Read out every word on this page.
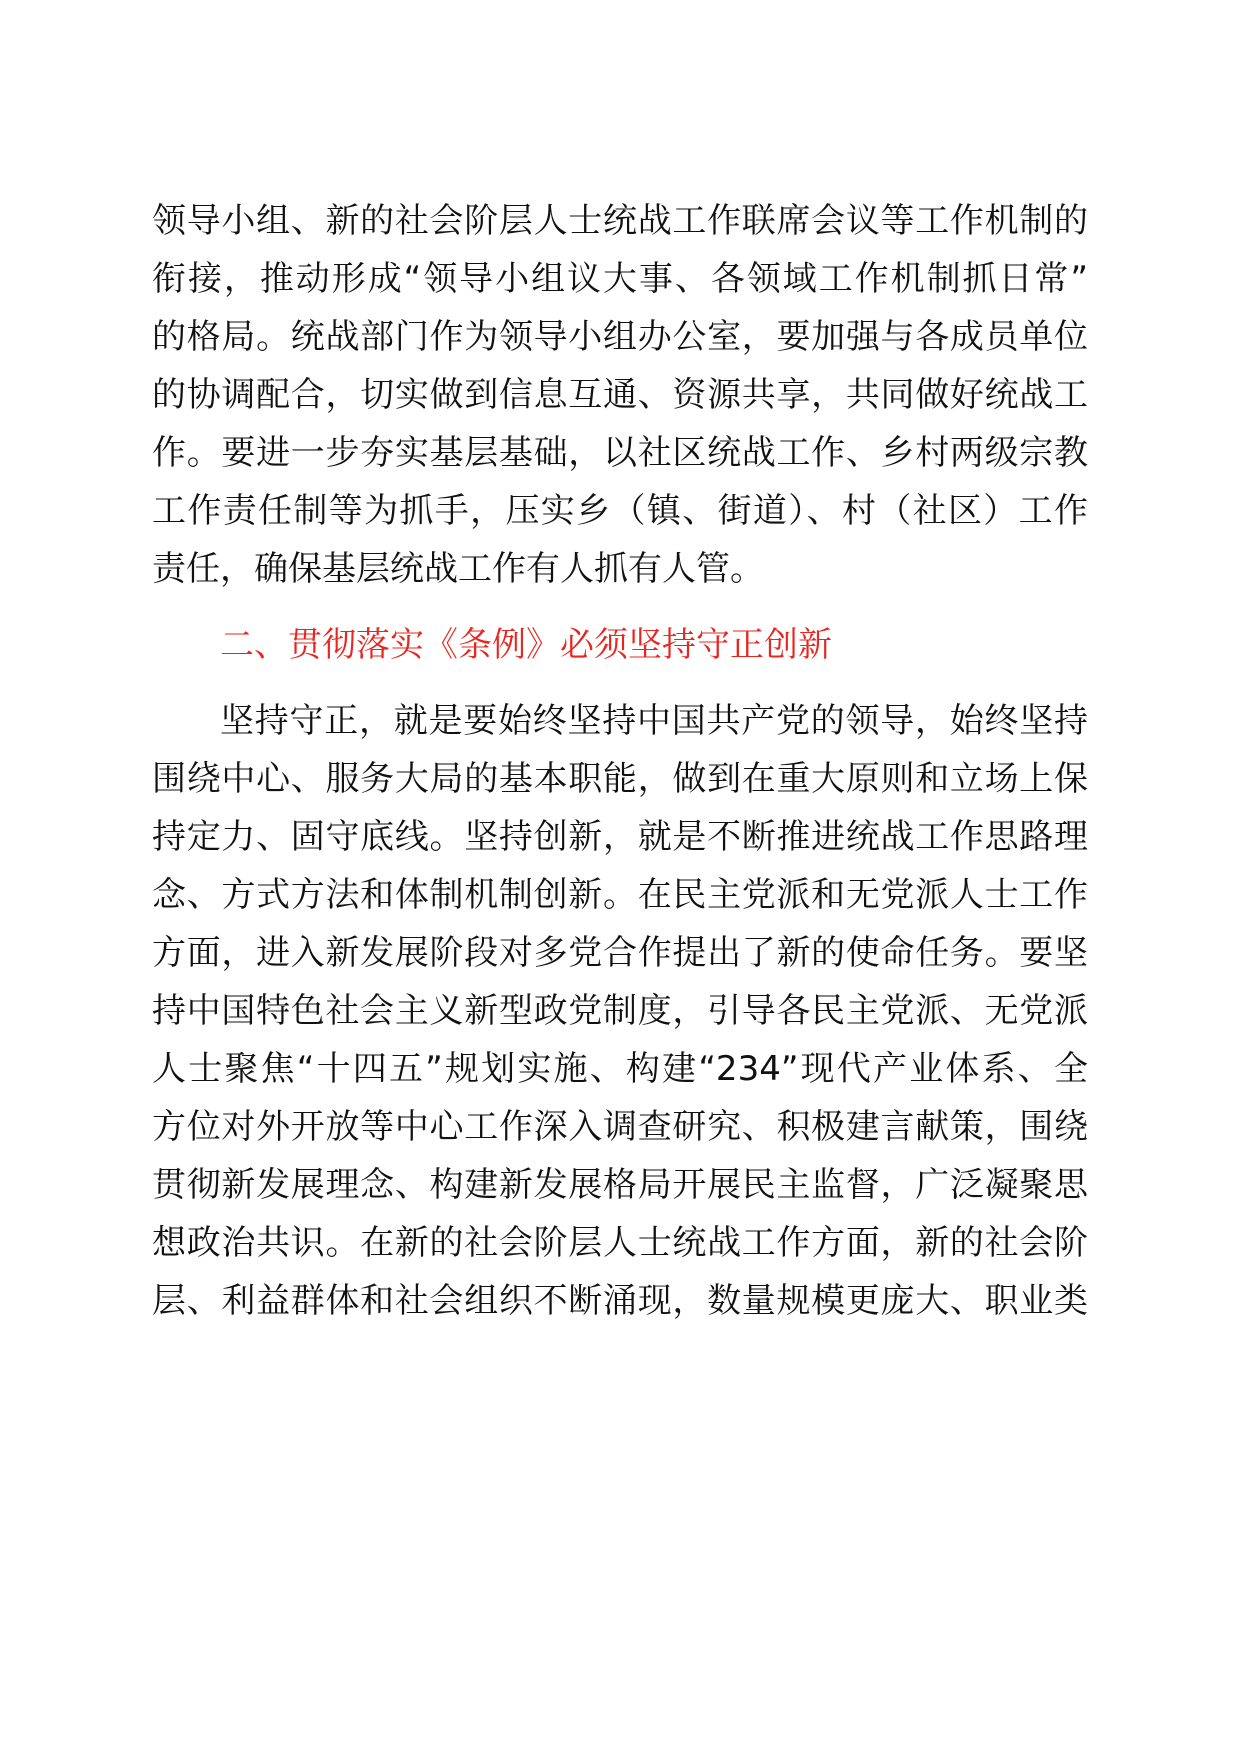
领导小组、新的社会阶层人士统战工作联席会议等工作机制的
衔接，推动形成“领导小组议大事、各领域工作机制抓日常”
的格局。统战部门作为领导小组办公室，要加强与各成员单位
的协调配合，切实做到信息互通、资源共享，共同做好统战工
作。要进一步夯实基层基础，以社区统战工作、乡村两级宗教
工作责任制等为抓手，压实乡（镇、街道）、村（社区）工作
责任，确保基层统战工作有人抓有人管。
二、贯彻落实《条例》必须坚持守正创新
坚持守正，就是要始终坚持中国共产党的领导，始终坚持
围绕中心、服务大局的基本职能，做到在重大原则和立场上保
持定力、固守底线。坚持创新，就是不断推进统战工作思路理
念、方式方法和体制机制创新。在民主党派和无党派人士工作
方面，进入新发展阶段对多党合作提出了新的使命任务。要坚
持中国特色社会主义新型政党制度，引导各民主党派、无党派
人士聚焦“十四五”规划实施、构建“234”现代产业体系、全
方位对外开放等中心工作深入调查研究、积极建言献策，围绕
贯彻新发展理念、构建新发展格局开展民主监督，广泛凝聚思
想政治共识。在新的社会阶层人士统战工作方面，新的社会阶
层、利益群体和社会组织不断涌现，数量规模更庞大、职业类
